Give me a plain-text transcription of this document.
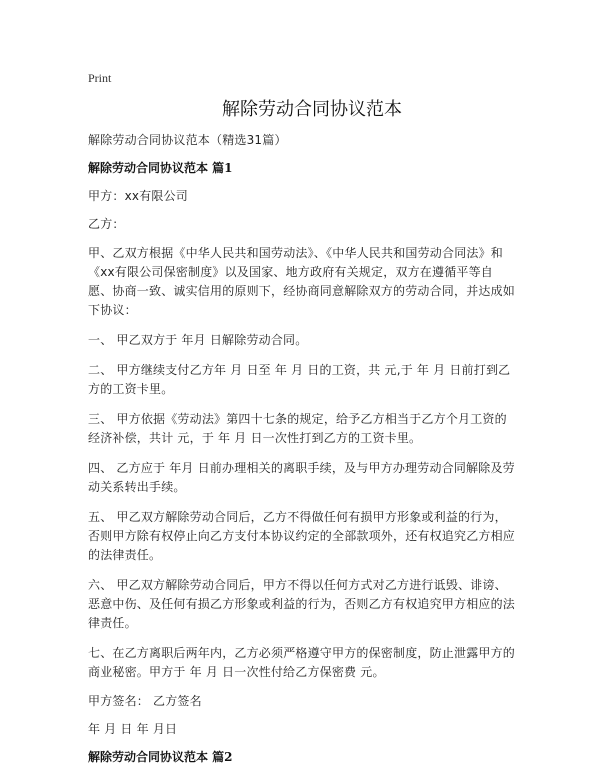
Print

解除劳动合同协议范本

解除劳动合同协议范本（精选31篇）

解除劳动合同协议范本 篇1

甲方：xx有限公司

乙方：

甲、乙双方根据《中华人民共和国劳动法》、《中华人民共和国劳动合同法》和《xx有限公司保密制度》以及国家、地方政府有关规定，双方在遵循平等自愿、协商一致、诚实信用的原则下，经协商同意解除双方的劳动合同，并达成如下协议：

一、 甲乙双方于 年月 日解除劳动合同。

二、 甲方继续支付乙方年 月 日至 年 月 日的工资，共 元,于 年 月 日前打到乙方的工资卡里。

三、 甲方依据《劳动法》第四十七条的规定，给予乙方相当于乙方个月工资的经济补偿，共计 元，于 年 月 日一次性打到乙方的工资卡里。

四、 乙方应于 年月 日前办理相关的离职手续，及与甲方办理劳动合同解除及劳动关系转出手续。

五、 甲乙双方解除劳动合同后，乙方不得做任何有损甲方形象或利益的行为，否则甲方除有权停止向乙方支付本协议约定的全部款项外，还有权追究乙方相应的法律责任。

六、 甲乙双方解除劳动合同后，甲方不得以任何方式对乙方进行诋毁、诽谤、恶意中伤、及任何有损乙方形象或利益的行为，否则乙方有权追究甲方相应的法律责任。

七、在乙方离职后两年内，乙方必须严格遵守甲方的保密制度，防止泄露甲方的商业秘密。甲方于 年 月 日一次性付给乙方保密费 元。

甲方签名： 乙方签名

年 月 日 年 月日

解除劳动合同协议范本 篇2
